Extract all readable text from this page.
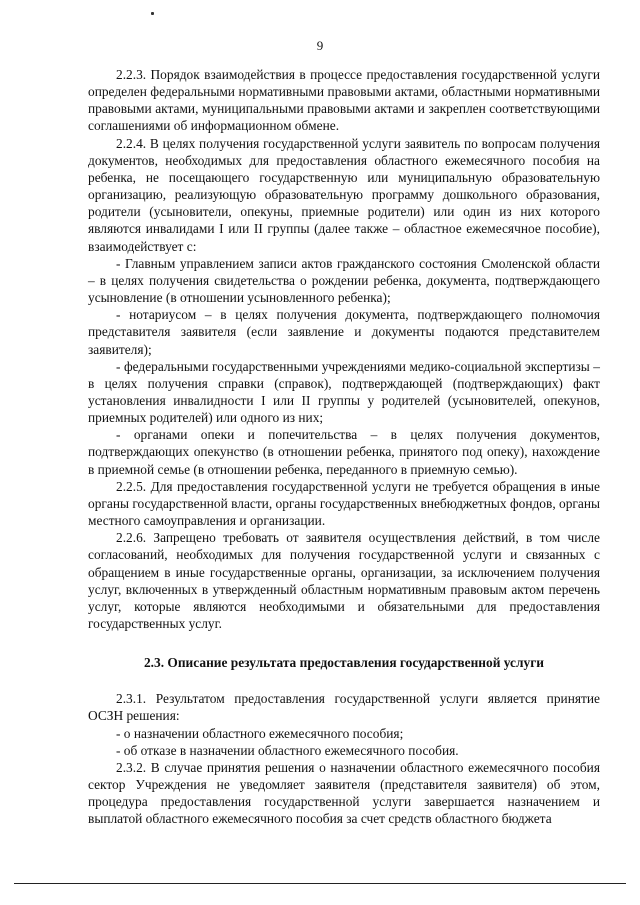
9

2.2.3. Порядок взаимодействия в процессе предоставления государственной услуги определен федеральными нормативными правовыми актами, областными нормативными правовыми актами, муниципальными правовыми актами и закреплен соответствующими соглашениями об информационном обмене.

2.2.4. В целях получения государственной услуги заявитель по вопросам получения документов, необходимых для предоставления областного ежемесячного пособия на ребенка, не посещающего государственную или муниципальную образовательную организацию, реализующую образовательную программу дошкольного образования, родители (усыновители, опекуны, приемные родители) или один из них которого являются инвалидами I или II группы (далее также – областное ежемесячное пособие), взаимодействует с:

- Главным управлением записи актов гражданского состояния Смоленской области – в целях получения свидетельства о рождении ребенка, документа, подтверждающего усыновление (в отношении усыновленного ребенка);

- нотариусом – в целях получения документа, подтверждающего полномочия представителя заявителя (если заявление и документы подаются представителем заявителя);

- федеральными государственными учреждениями медико-социальной экспертизы – в целях получения справки (справок), подтверждающей (подтверждающих) факт установления инвалидности I или II группы у родителей (усыновителей, опекунов, приемных родителей) или одного из них;

- органами опеки и попечительства – в целях получения документов, подтверждающих опекунство (в отношении ребенка, принятого под опеку), нахождение в приемной семье (в отношении ребенка, переданного в приемную семью).

2.2.5. Для предоставления государственной услуги не требуется обращения в иные органы государственной власти, органы государственных внебюджетных фондов, органы местного самоуправления и организации.

2.2.6. Запрещено требовать от заявителя осуществления действий, в том числе согласований, необходимых для получения государственной услуги и связанных с обращением в иные государственные органы, организации, за исключением получения услуг, включенных в утвержденный областным нормативным правовым актом перечень услуг, которые являются необходимыми и обязательными для предоставления государственных услуг.

2.3. Описание результата предоставления государственной услуги

2.3.1. Результатом предоставления государственной услуги является принятие ОСЗН решения:

- о назначении областного ежемесячного пособия;

- об отказе в назначении областного ежемесячного пособия.

2.3.2. В случае принятия решения о назначении областного ежемесячного пособия сектор Учреждения не уведомляет заявителя (представителя заявителя) об этом, процедура предоставления государственной услуги завершается назначением и выплатой областного ежемесячного пособия за счет средств областного бюджета
